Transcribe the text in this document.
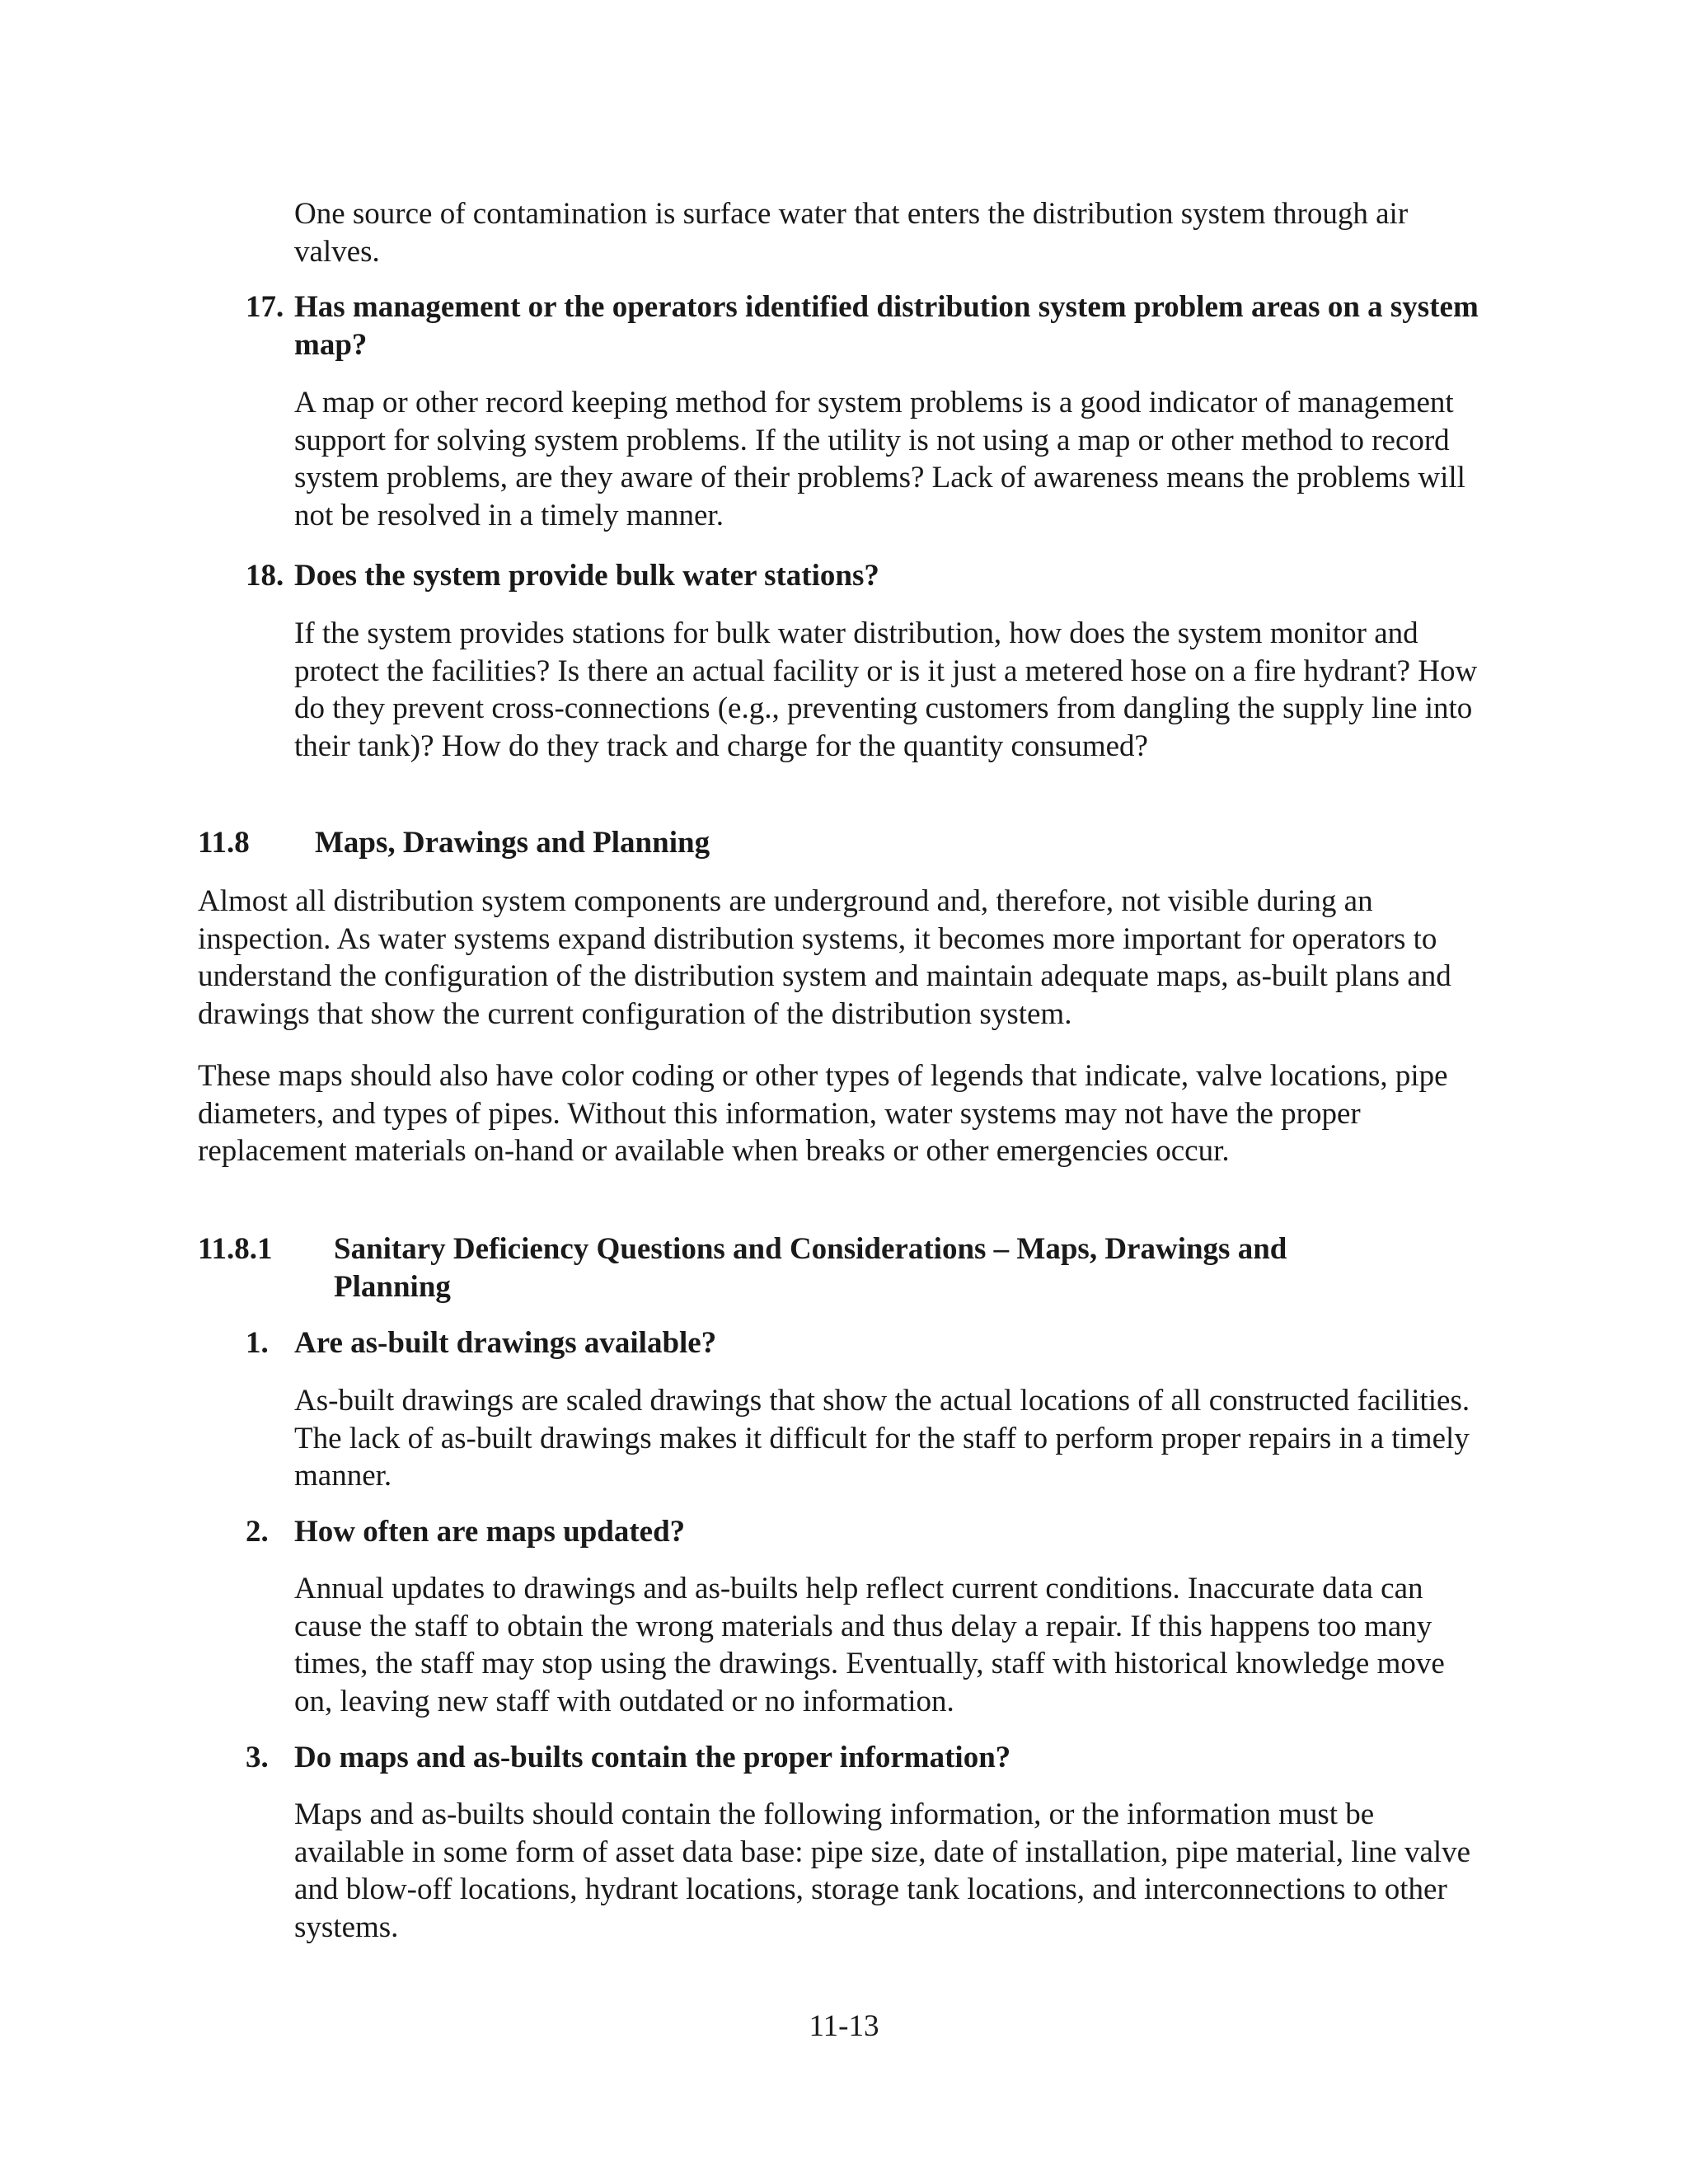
One source of contamination is surface water that enters the distribution system through air valves.

17. Has management or the operators identified distribution system problem areas on a system map?

A map or other record keeping method for system problems is a good indicator of management support for solving system problems. If the utility is not using a map or other method to record system problems, are they aware of their problems? Lack of awareness means the problems will not be resolved in a timely manner.

18. Does the system provide bulk water stations?

If the system provides stations for bulk water distribution, how does the system monitor and protect the facilities? Is there an actual facility or is it just a metered hose on a fire hydrant? How do they prevent cross-connections (e.g., preventing customers from dangling the supply line into their tank)? How do they track and charge for the quantity consumed?

11.8 Maps, Drawings and Planning

Almost all distribution system components are underground and, therefore, not visible during an inspection. As water systems expand distribution systems, it becomes more important for operators to understand the configuration of the distribution system and maintain adequate maps, as-built plans and drawings that show the current configuration of the distribution system.

These maps should also have color coding or other types of legends that indicate, valve locations, pipe diameters, and types of pipes. Without this information, water systems may not have the proper replacement materials on-hand or available when breaks or other emergencies occur.

11.8.1 Sanitary Deficiency Questions and Considerations – Maps, Drawings and Planning
1. Are as-built drawings available?

As-built drawings are scaled drawings that show the actual locations of all constructed facilities. The lack of as-built drawings makes it difficult for the staff to perform proper repairs in a timely manner.

2. How often are maps updated?

Annual updates to drawings and as-builts help reflect current conditions. Inaccurate data can cause the staff to obtain the wrong materials and thus delay a repair. If this happens too many times, the staff may stop using the drawings. Eventually, staff with historical knowledge move on, leaving new staff with outdated or no information.

3. Do maps and as-builts contain the proper information?

Maps and as-builts should contain the following information, or the information must be available in some form of asset data base: pipe size, date of installation, pipe material, line valve and blow-off locations, hydrant locations, storage tank locations, and interconnections to other systems.

11-13
